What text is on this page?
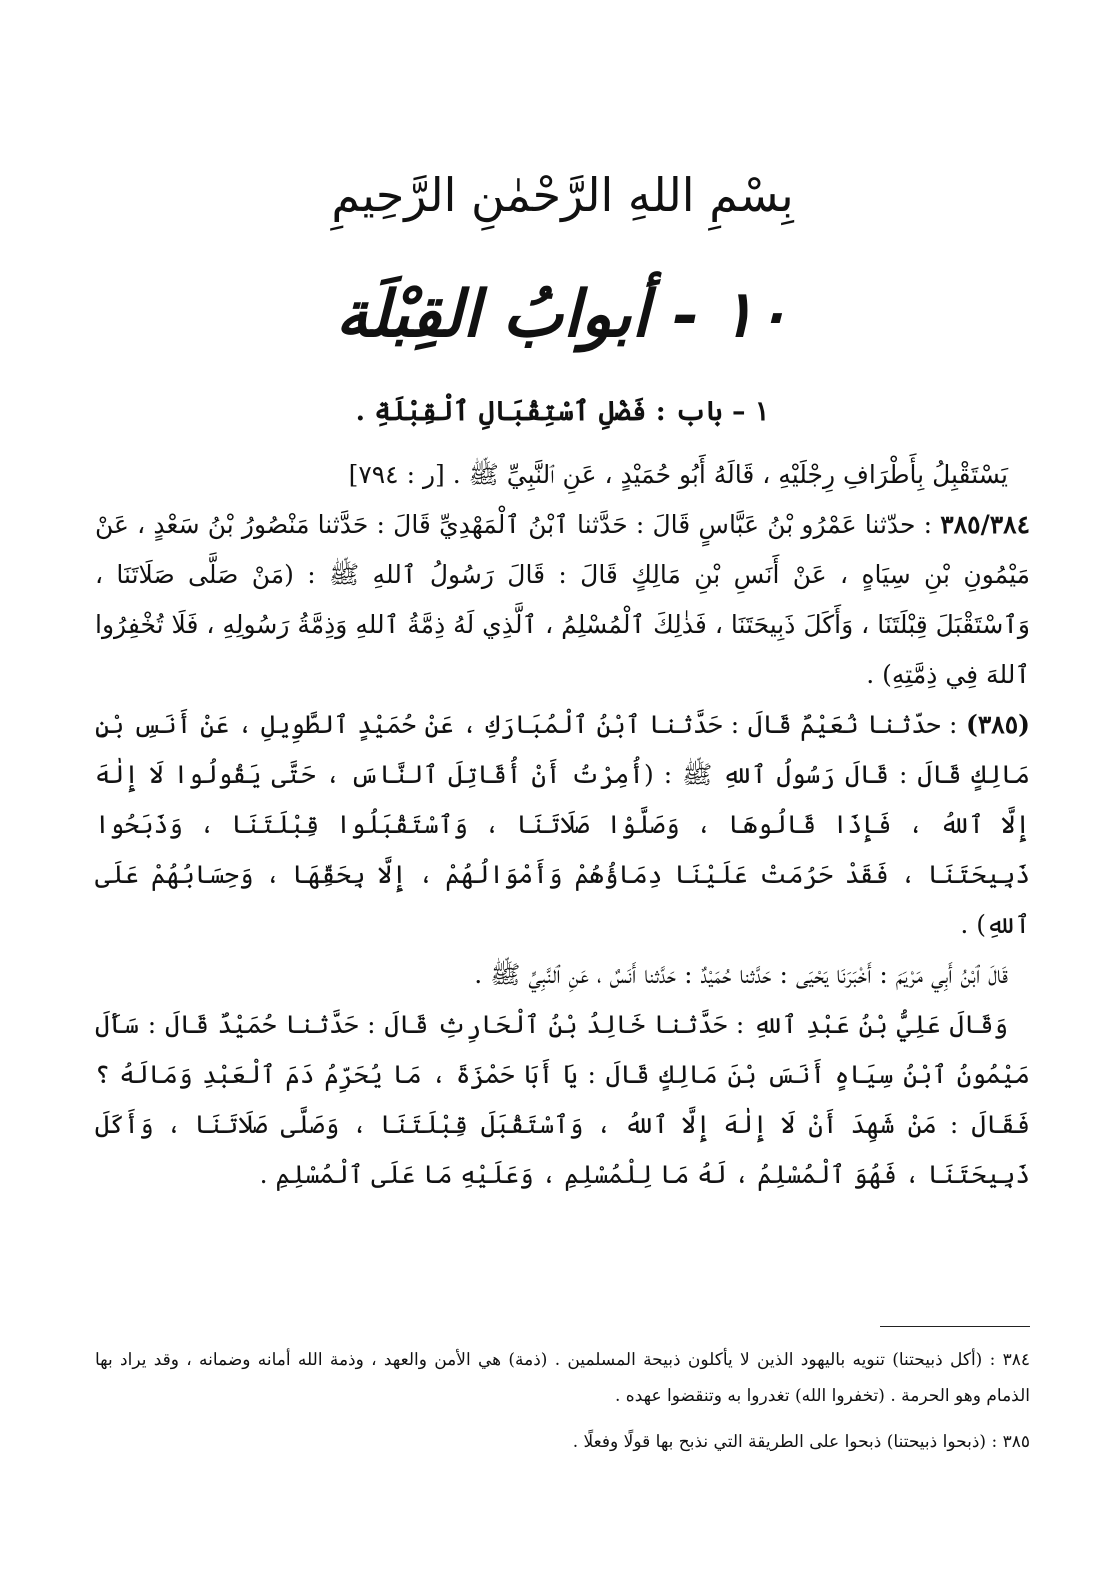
بِسْمِ اللهِ الرَّحْمٰنِ الرَّحِيمِ
١٠ - أبوابُ القِبْلَة
١ – باب : فَضْلِ ٱسْتِقْبَالِ ٱلْقِبْلَةِ .

يَسْتَقْبِلُ بِأَطْرَافِ رِجْلَيْهِ ، قَالَهُ أَبُو حُمَيْدٍ ، عَنِ ٱلنَّبِيِّ ﷺ . [ر : ٧٩٤]

٣٨٥/٣٨٤ : حدّثنا عَمْرُو بْنُ عَبَّاسٍ قَالَ : حَدَّثنا ٱبْنُ ٱلْمَهْدِيِّ قَالَ : حَدَّثنا مَنْصُورُ بْنُ سَعْدٍ ، عَنْ مَيْمُونِ بْنِ سِيَاهٍ ، عَنْ أَنَسِ بْنِ مَالِكٍ قَالَ : قَالَ رَسُولُ ٱللهِ ﷺ : (مَنْ صَلَّى صَلَاتَنَا ، وَٱسْتَقْبَلَ قِبْلَتَنَا ، وَأَكَلَ ذَبِيحَتَنَا ، فَذٰلِكَ ٱلْمُسْلِمُ ، ٱلَّذِي لَهُ ذِمَّةُ ٱللهِ وَذِمَّةُ رَسُولِهِ ، فَلَا تُخْفِرُوا ٱللهَ فِي ذِمَّتِهِ) .

(٣٨٥) : حدّثنا نُعَيْمٌ قَالَ : حَدَّثنا ٱبْنُ ٱلْمُبَارَكِ ، عَنْ حُمَيْدٍ ٱلطَّوِيلِ ، عَنْ أَنَسِ بْنِ مَالِكٍ قَالَ : قَالَ رَسُولُ ٱللهِ ﷺ : (أُمِرْتُ أَنْ أُقَاتِلَ ٱلنَّاسَ ، حَتَّى يَقُولُوا لَا إِلٰهَ إِلَّا ٱللهُ ، فَإِذَا قَالُوهَا ، وَصَلَّوْا صَلَاتَنَا ، وَٱسْتَقْبَلُوا قِبْلَتَنَا ، وَذَبَحُوا ذَبِيحَتَنَا ، فَقَدْ حَرُمَتْ عَلَيْنَا دِمَاؤُهُمْ وَأَمْوَالُهُمْ ، إِلَّا بِحَقِّهَا ، وَحِسَابُهُمْ عَلَى ٱللهِ) .

قَالَ ٱبْنُ أَبِي مَرْيَمَ : أَخْبَرَنَا يَحْيَى : حَدَّثنا حُمَيْدٌ : حَدَّثنا أَنَسٌ ، عَنِ ٱلنَّبِيِّ ﷺ .

وَقَالَ عَلِيُّ بْنُ عَبْدِ ٱللهِ : حَدَّثنا خَالِدُ بْنُ ٱلْحَارِثِ قَالَ : حَدَّثنا حُمَيْدٌ قَالَ : سَأَلَ مَيْمُونُ ٱبْنُ سِيَاهٍ أَنَسَ بْنَ مَالِكٍ قَالَ : يَا أَبَا حَمْزَةَ ، مَا يُحَرِّمُ دَمَ ٱلْعَبْدِ وَمَالَهُ ؟ فَقَالَ : مَنْ شَهِدَ أَنْ لَا إِلٰهَ إِلَّا ٱللهُ ، وَٱسْتَقْبَلَ قِبْلَتَنَا ، وَصَلَّى صَلَاتَنَا ، وَأَكَلَ ذَبِيحَتَنَا ، فَهُوَ ٱلْمُسْلِمُ ، لَهُ مَا لِلْمُسْلِمِ ، وَعَلَيْهِ مَا عَلَى ٱلْمُسْلِمِ .

٣٨٤ : (أكل ذبيحتنا) تنويه باليهود الذين لا يأكلون ذبيحة المسلمين . (ذمة) هي الأمن والعهد ، وذمة الله أمانه وضمانه ، وقد يراد بها الذمام وهو الحرمة . (تخفروا الله) تغدروا به وتنقضوا عهده .

٣٨٥ : (ذبحوا ذبيحتنا) ذبحوا على الطريقة التي نذبح بها قولًا وفعلًا .
